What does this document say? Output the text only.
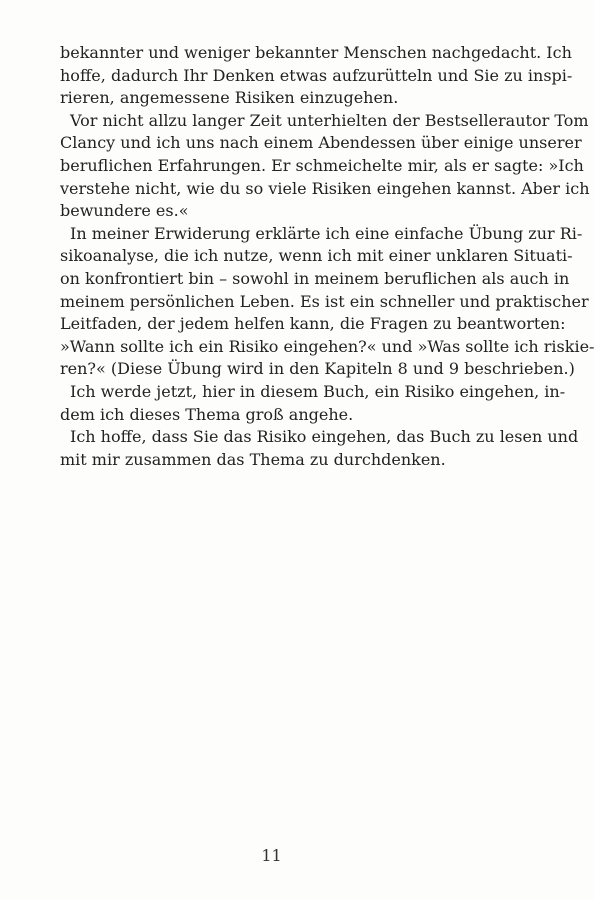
bekannter und weniger bekannter Menschen nachgedacht. Ich
hoffe, dadurch Ihr Denken etwas aufzurütteln und Sie zu inspi-
rieren, angemessene Risiken einzugehen.
Vor nicht allzu langer Zeit unterhielten der Bestsellerautor Tom
Clancy und ich uns nach einem Abendessen über einige unserer
beruflichen Erfahrungen. Er schmeichelte mir, als er sagte: »Ich
verstehe nicht, wie du so viele Risiken eingehen kannst. Aber ich
bewundere es.«
In meiner Erwiderung erklärte ich eine einfache Übung zur Ri-
sikoanalyse, die ich nutze, wenn ich mit einer unklaren Situati-
on konfrontiert bin – sowohl in meinem beruflichen als auch in
meinem persönlichen Leben. Es ist ein schneller und praktischer
Leitfaden, der jedem helfen kann, die Fragen zu beantworten:
»Wann sollte ich ein Risiko eingehen?« und »Was sollte ich riskie-
ren?« (Diese Übung wird in den Kapiteln 8 und 9 beschrieben.)
Ich werde jetzt, hier in diesem Buch, ein Risiko eingehen, in-
dem ich dieses Thema groß angehe.
Ich hoffe, dass Sie das Risiko eingehen, das Buch zu lesen und
mit mir zusammen das Thema zu durchdenken.
11
